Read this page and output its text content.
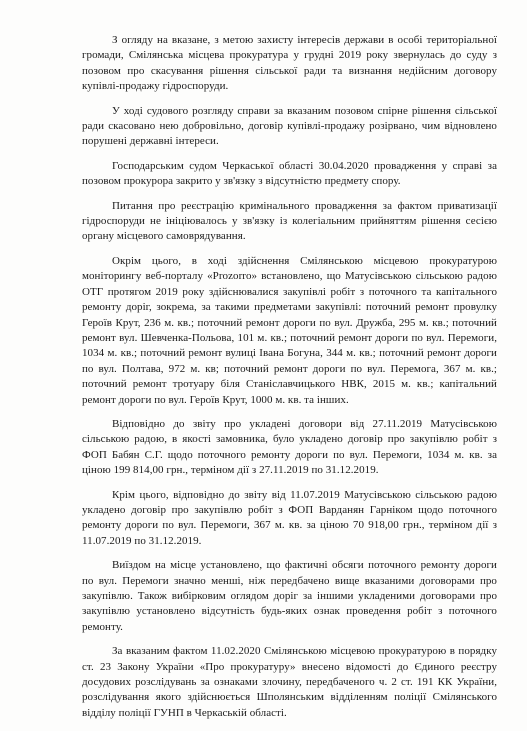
З огляду на вказане, з метою захисту інтересів держави в особі територіальної громади, Смілянська місцева прокуратура у грудні 2019 року звернулась до суду з позовом про скасування рішення сільської ради та визнання недійсним договору купівлі-продажу гідроспоруди.

У ході судового розгляду справи за вказаним позовом спірне рішення сільської ради скасовано нею добровільно, договір купівлі-продажу розірвано, чим відновлено порушені державні інтереси.

Господарським судом Черкаської області 30.04.2020 провадження у справі за позовом прокурора закрито у зв'язку з відсутністю предмету спору.

Питання про реєстрацію кримінального провадження за фактом приватизації гідроспоруди не ініціювалось у зв'язку із колегіальним прийняттям рішення сесією органу місцевого самоврядування.

Окрім цього, в ході здійснення Смілянською місцевою прокуратурою моніторингу веб-порталу «Prozorro» встановлено, що Матусівською сільською радою ОТГ протягом 2019 року здійснювалися закупівлі робіт з поточного та капітального ремонту доріг, зокрема, за такими предметами закупівлі: поточний ремонт провулку Героїв Крут, 236 м. кв.; поточний ремонт дороги по вул. Дружба, 295 м. кв.; поточний ремонт вул. Шевченка-Польова, 101 м. кв.; поточний ремонт дороги по вул. Перемоги, 1034 м. кв.; поточний ремонт вулиці Івана Богуна, 344 м. кв.; поточний ремонт дороги по вул. Полтава, 972 м. кв; поточний ремонт дороги по вул. Перемога, 367 м. кв.; поточний ремонт тротуару біля Станіславчицького НВК, 2015 м. кв.; капітальний ремонт дороги по вул. Героїв Крут, 1000 м. кв. та інших.

Відповідно до звіту про укладені договори від 27.11.2019 Матусівською сільською радою, в якості замовника, було укладено договір про закупівлю робіт з ФОП Бабян С.Г. щодо поточного ремонту дороги по вул. Перемоги, 1034 м. кв. за ціною 199 814,00 грн., терміном дії з 27.11.2019 по 31.12.2019.

Крім цього, відповідно до звіту від 11.07.2019 Матусівською сільською радою укладено договір про закупівлю робіт з ФОП Варданян Гарніком щодо поточного ремонту дороги по вул. Перемоги, 367 м. кв. за ціною 70 918,00 грн., терміном дії з 11.07.2019 по 31.12.2019.

Виїздом на місце установлено, що фактичні обсяги поточного ремонту дороги по вул. Перемоги значно менші, ніж передбачено вище вказаними договорами про закупівлю. Також вибірковим оглядом доріг за іншими укладеними договорами про закупівлю установлено відсутність будь-яких ознак проведення робіт з поточного ремонту.

За вказаним фактом 11.02.2020 Смілянською місцевою прокуратурою в порядку ст. 23 Закону України «Про прокуратуру» внесено відомості до Єдиного реєстру досудових розслідувань за ознаками злочину, передбаченого ч. 2 ст. 191 КК України, розслідування якого здійснюється Шполянським відділенням поліції Смілянського відділу поліції ГУНП в Черкаській області.
